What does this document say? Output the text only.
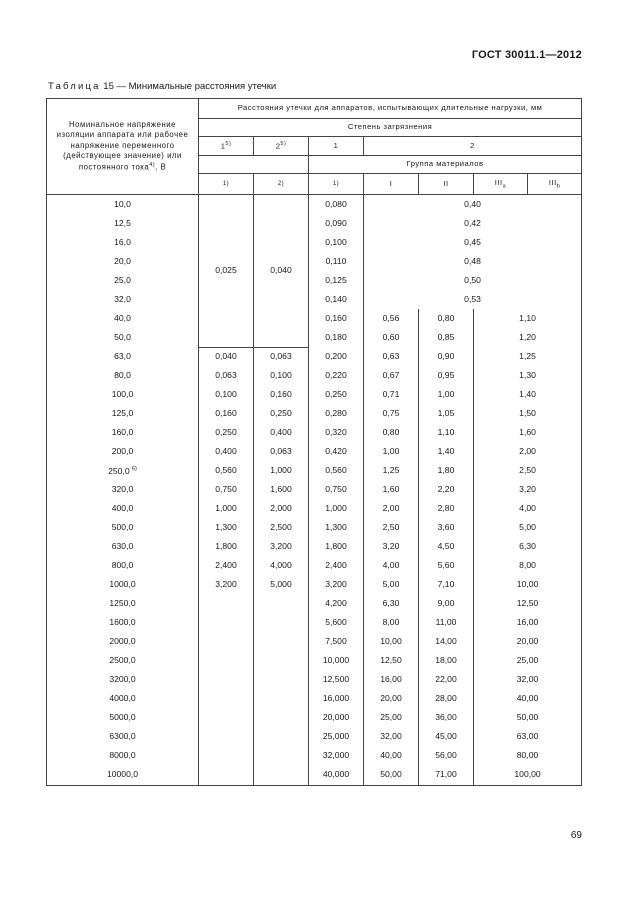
ГОСТ 30011.1—2012
Таблица 15 — Минимальные расстояния утечки
Номинальное напряжение изоляции аппарата или рабочее напряжение переменного (действующее значение) или постоянного тока$^{4)}$, В	Расстояния утечки для аппаратов, испытывающих длительные нагрузки, мм						
	Степень загрязнения						
	1$^{5)}$	2$^{5)}$	1	2			
			Группа материалов				
	1)	2)	1)	I	II	$III_a$	$III_b$
10,0	0,025	0,040	0,080	0,40			
12,5			0,090	0,42			
16,0			0,100	0,45			
20,0			0,110	0,48			
25,0			0,125	0,50			
32,0			0,140	0,53			
40,0			0,160	0,56	0,80	1,10	
50,0			0,180	0,60	0,85	1,20	
63,0	0,040	0,063	0,200	0,63	0,90	1,25	
80,0	0,063	0,100	0,220	0,67	0,95	1,30	
100,0	0,100	0,160	0,250	0,71	1,00	1,40	
125,0	0,160	0,250	0,280	0,75	1,05	1,50	
160,0	0,250	0,400	0,320	0,80	1,10	1,60	
200,0	0,400	0,063	0,420	1,00	1,40	2,00	
250,0 $^{6)}$	0,560	1,000	0,560	1,25	1,80	2,50	
320,0	0,750	1,600	0,750	1,60	2,20	3,20	
400,0	1,000	2,000	1,000	2,00	2,80	4,00	
500,0	1,300	2,500	1,300	2,50	3,60	5,00	
630,0	1,800	3,200	1,800	3,20	4,50	6,30	
800,0	2,400	4,000	2,400	4,00	5,60	8,00	
1000,0	3,200	5,000	3,200	5,00	7,10	10,00	
1250,0			4,200	6,30	9,00	12,50	
1600,0			5,600	8,00	11,00	16,00	
2000,0			7,500	10,00	14,00	20,00	
2500,0			10,000	12,50	18,00	25,00	
3200,0			12,500	16,00	22,00	32,00	
4000,0			16,000	20,00	28,00	40,00	
5000,0			20,000	25,00	36,00	50,00	
6300,0			25,000	32,00	45,00	63,00	
8000,0			32,000	40,00	56,00	80,00	
10000,0			40,000	50,00	71,00	100,00	
69
